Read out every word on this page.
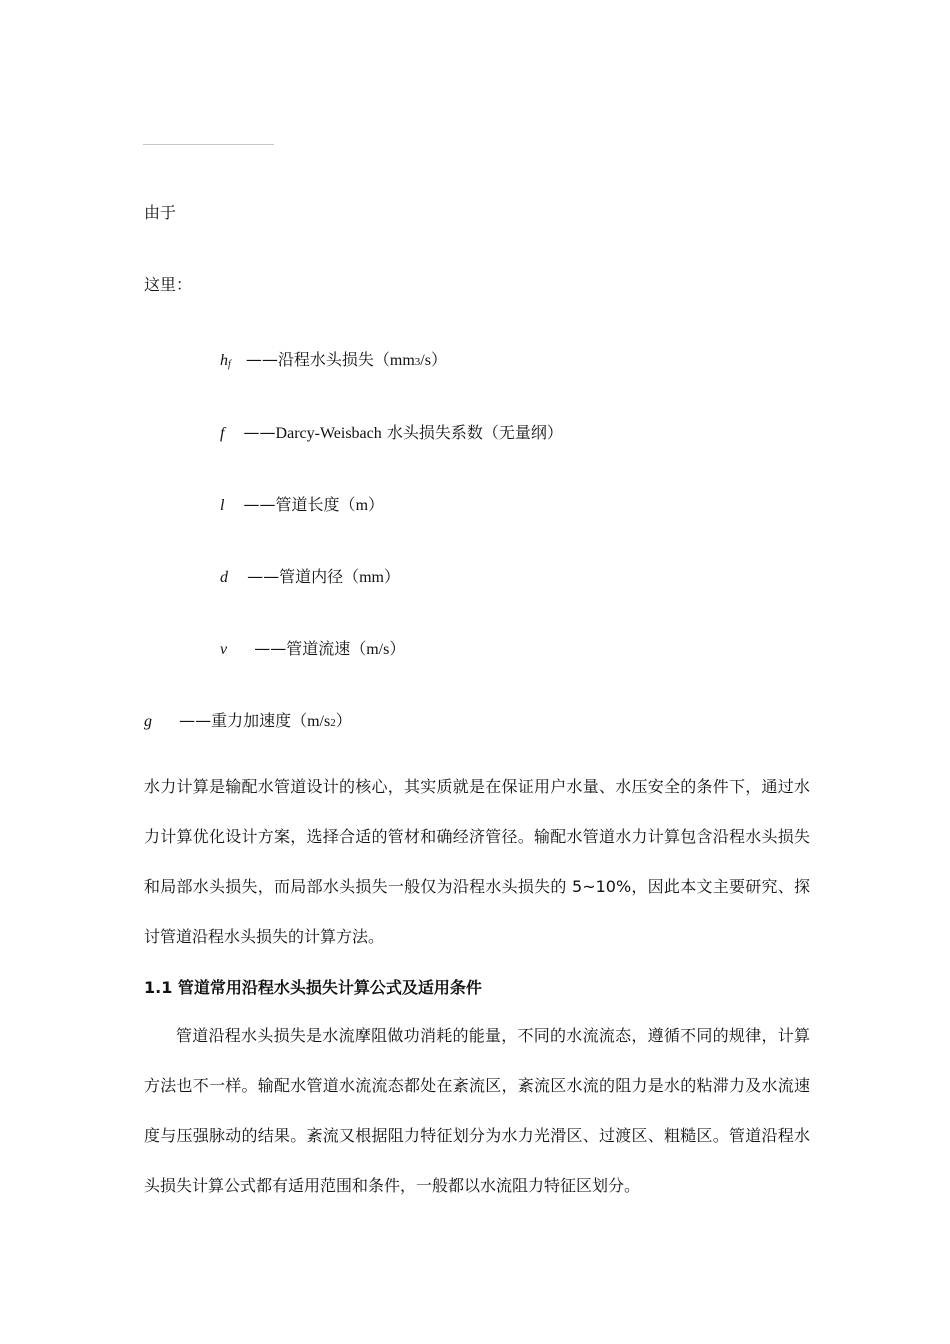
由于
这里：
$h_f$ ——沿程水头损失（mm3/s）
f ——Darcy-Weisbach 水头损失系数（无量纲）
l ——管道长度（m）
d ——管道内径（mm）
v ——管道流速（m/s）
g ——重力加速度（m/s2）
水力计算是输配水管道设计的核心，其实质就是在保证用户水量、水压安全的条件下，通过水力计算优化设计方案，选择合适的管材和确经济管径。输配水管道水力计算包含沿程水头损失和局部水头损失，而局部水头损失一般仅为沿程水头损失的 5~10%，因此本文主要研究、探讨管道沿程水头损失的计算方法。
1.1 管道常用沿程水头损失计算公式及适用条件
管道沿程水头损失是水流摩阻做功消耗的能量，不同的水流流态，遵循不同的规律，计算方法也不一样。输配水管道水流流态都处在紊流区，紊流区水流的阻力是水的粘滞力及水流速度与压强脉动的结果。紊流又根据阻力特征划分为水力光滑区、过渡区、粗糙区。管道沿程水头损失计算公式都有适用范围和条件，一般都以水流阻力特征区划分。
